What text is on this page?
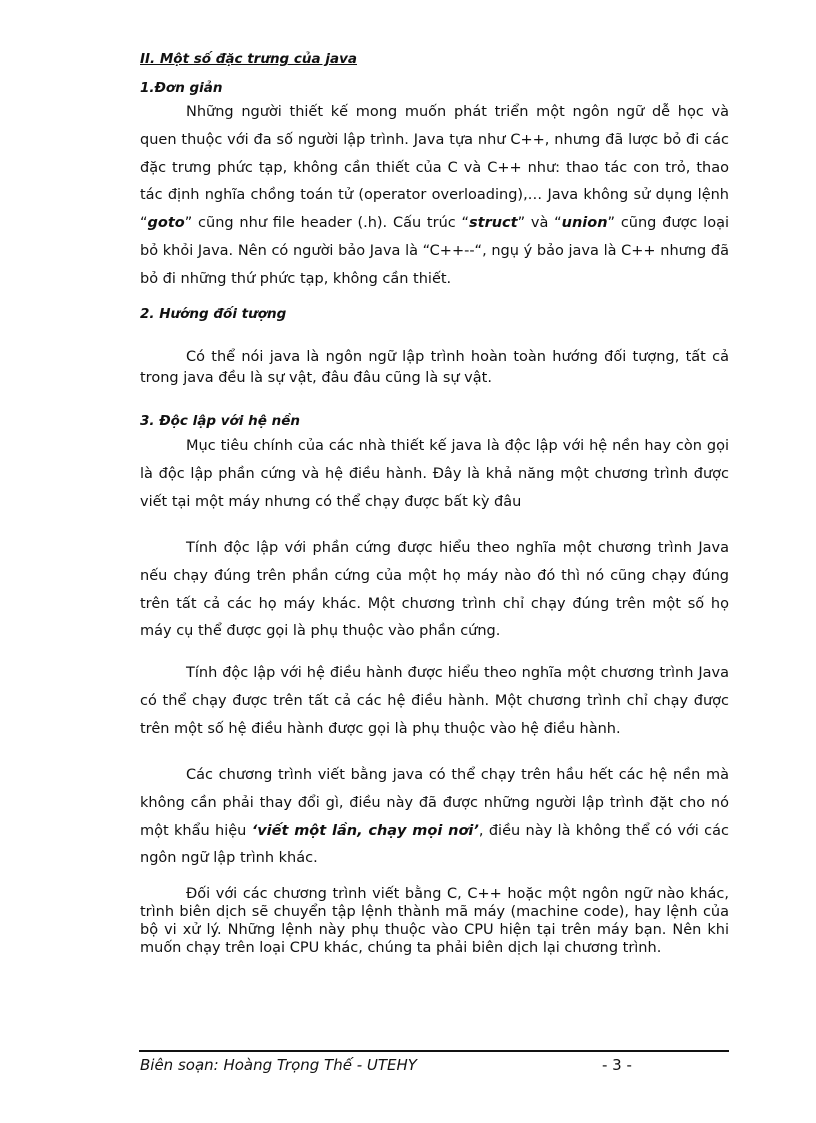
II. Một số đặc trưng của java
1.Đơn giản

Những người thiết kế mong muốn phát triển một ngôn ngữ dễ học và quen thuộc với đa số người lập trình. Java tựa như C++, nhưng đã lược bỏ đi các đặc trưng phức tạp, không cần thiết của C và C++ như: thao tác con trỏ, thao tác định nghĩa chồng toán tử (operator overloading),… Java không sử dụng lệnh “goto” cũng như file header (.h). Cấu trúc “struct” và “union” cũng được loại bỏ khỏi Java. Nên có người bảo Java là “C++--“, ngụ ý bảo java là C++ nhưng đã bỏ đi những thứ phức tạp, không cần thiết.

2. Hướng đối tượng

Có thể nói java là ngôn ngữ lập trình hoàn toàn hướng đối tượng, tất cả trong java đều là sự vật, đâu đâu cũng là sự vật.

3. Độc lập với hệ nền

Mục tiêu chính của các nhà thiết kế java là độc lập với hệ nền hay còn gọi là độc lập phần cứng và hệ điều hành. Đây là khả năng một chương trình được viết tại một máy nhưng có thể chạy được bất kỳ đâu

Tính độc lập với phần cứng được hiểu theo nghĩa một chương trình Java nếu chạy đúng trên phần cứng của một họ máy nào đó thì nó cũng chạy đúng trên tất cả các họ máy khác. Một chương trình chỉ chạy đúng trên một số họ máy cụ thể được gọi là phụ thuộc vào phần cứng.

Tính độc lập với hệ điều hành được hiểu theo nghĩa một chương trình Java có thể chạy được trên tất cả các hệ điều hành. Một chương trình chỉ chạy được trên một số hệ điều hành được gọi là phụ thuộc vào hệ điều hành.

Các chương trình viết bằng java có thể chạy trên hầu hết các hệ nền mà không cần phải thay đổi gì, điều này đã được những người lập trình đặt cho nó một khẩu hiệu ‘viết một lần, chạy mọi nơi’, điều này là không thể có với các ngôn ngữ lập trình khác.

Đối với các chương trình viết bằng C, C++ hoặc một ngôn ngữ nào khác, trình biên dịch sẽ chuyển tập lệnh thành mã máy (machine code), hay lệnh của bộ vi xử lý. Những lệnh này phụ thuộc vào CPU hiện tại trên máy bạn. Nên khi muốn chạy trên loại CPU khác, chúng ta phải biên dịch lại chương trình.

Biên soạn: Hoàng Trọng Thế - UTEHY	- 3 -
